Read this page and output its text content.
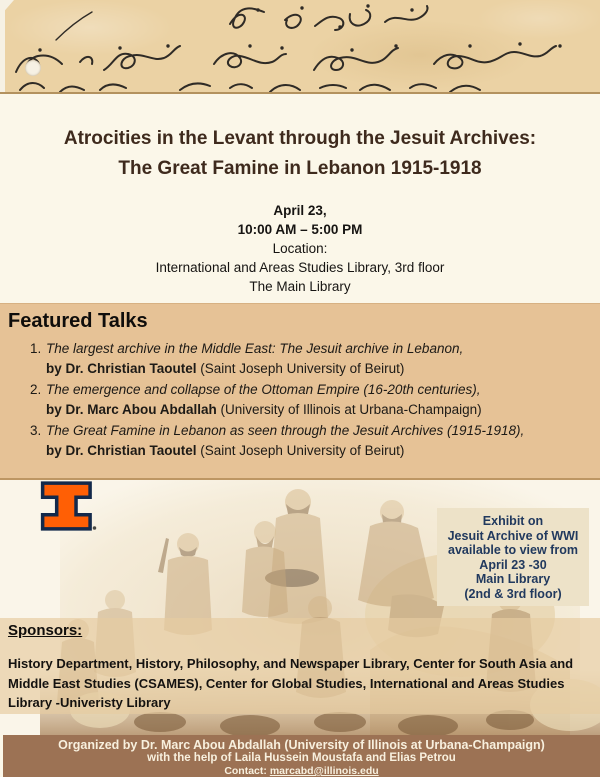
Atrocities in the Levant through the Jesuit Archives:
The Great Famine in Lebanon 1915-1918
April 23,
10:00 AM – 5:00 PM
Location:
International and Areas Studies Library, 3rd floor
The Main Library
Featured Talks
1. The largest archive in the Middle East: The Jesuit archive in Lebanon,
by Dr. Christian Taoutel (Saint Joseph University of Beirut)
2. The emergence and collapse of the Ottoman Empire (16-20th centuries),
by Dr. Marc Abou Abdallah (University of Illinois at Urbana-Champaign)
3. The Great Famine in Lebanon as seen through the Jesuit Archives (1915-1918),
by Dr. Christian Taoutel (Saint Joseph University of Beirut)
Exhibit on
Jesuit Archive of WWI
available to view from
April 23 -30
Main Library
(2nd & 3rd floor)
Sponsors:

History Department, History, Philosophy, and Newspaper Library, Center for South Asia and Middle East Studies (CSAMES), Center for Global Studies, International and Areas Studies Library -Univeristy Library

Organized by Dr. Marc Abou Abdallah (University of Illinois at Urbana-Champaign)
with the help of Laila Hussein Moustafa and Elias Petrou
Contact: marcabd@illinois.edu
